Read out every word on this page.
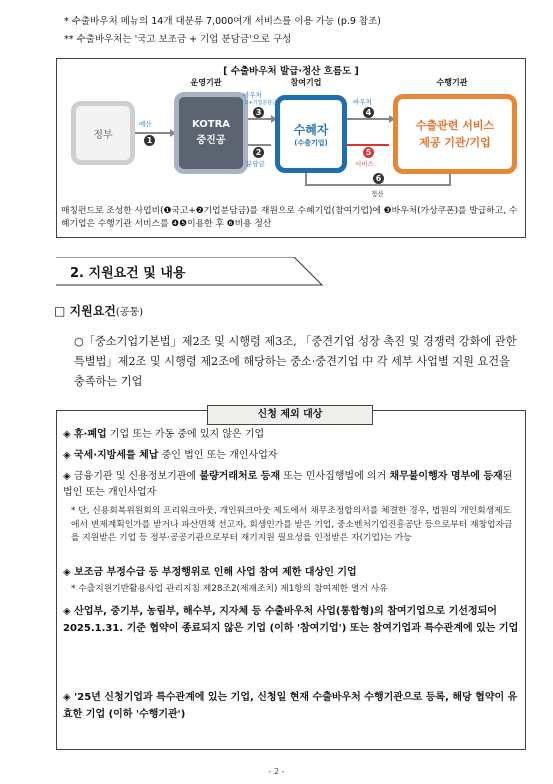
* 수출바우처 메뉴의 14개 대분류 7,000여개 서비스를 이용 가능 (p.9 참조)
** 수출바우처는 '국고 보조금 + 기업 분담금'으로 구성
[ 수출바우처 발급·정산 흐름도 ]
운영기관	참여기업	수행기관
정부
KOTRA
중진공
수혜자
(수출기업)
수출관련 서비스
제공 기관/기업
예산
1
바우처
(국고+기업분담금)
3
2
분담금
바우처
4
5
서비스
6
정산
매칭펀드로 조성한 사업비(❶국고+❷기업분담금)를 재원으로 수혜기업(참여기업)에 ❸바우처(가상쿠폰)를 발급하고, 수혜기업은 수행기관 서비스를 ❹❺이용한 후 ❻비용 정산
2. 지원요건 및 내용
□ 지원요건(공통)
○「중소기업기본법」제2조 및 시행령 제3조, 「중견기업 성장 촉진 및 경쟁력 강화에 관한 특별법」제2조 및 시행령 제2조에 해당하는 중소·중견기업 中 각 세부 사업별 지원 요건을 충족하는 기업
신청 제외 대상
◈ 휴·폐업 기업 또는 가동 중에 있지 않은 기업
◈ 국세·지방세를 체납 중인 법인 또는 개인사업자
◈ 금융기관 및 신용정보기관에 불량거래처로 등재 또는 민사집행법에 의거 채무불이행자 명부에 등재된 법인 또는 개인사업자
* 단, 신용회복위원회의 프리워크아웃, 개인워크아웃 제도에서 채무조정합의서를 체결한 경우, 법원의 개인회생제도에서 변제계획인가를 받거나 파산면책 선고자, 회생인가를 받은 기업, 중소벤처기업진흥공단 등으로부터 재창업자금을 지원받은 기업 등 정부·공공기관으로부터 재기지원 필요성을 인정받은 자(기업)는 가능
◈ 보조금 부정수급 등 부정행위로 인해 사업 참여 제한 대상인 기업
* 수출지원기반활용사업 관리지침 제28조2(제재조치) 제1항의 참여제한 열거 사유
◈ 산업부, 중기부, 농림부, 해수부, 지자체 등 수출바우처 사업(통합형)의 참여기업으로 기선정되어 2025.1.31. 기준 협약이 종료되지 않은 기업 (이하 '참여기업') 또는 참여기업과 특수관계에 있는 기업
◈ '25년 신청기업과 특수관계에 있는 기업, 신청일 현재 수출바우처 수행기관으로 등록, 해당 협약이 유효한 기업 (이하 '수행기관')
- 2 -
